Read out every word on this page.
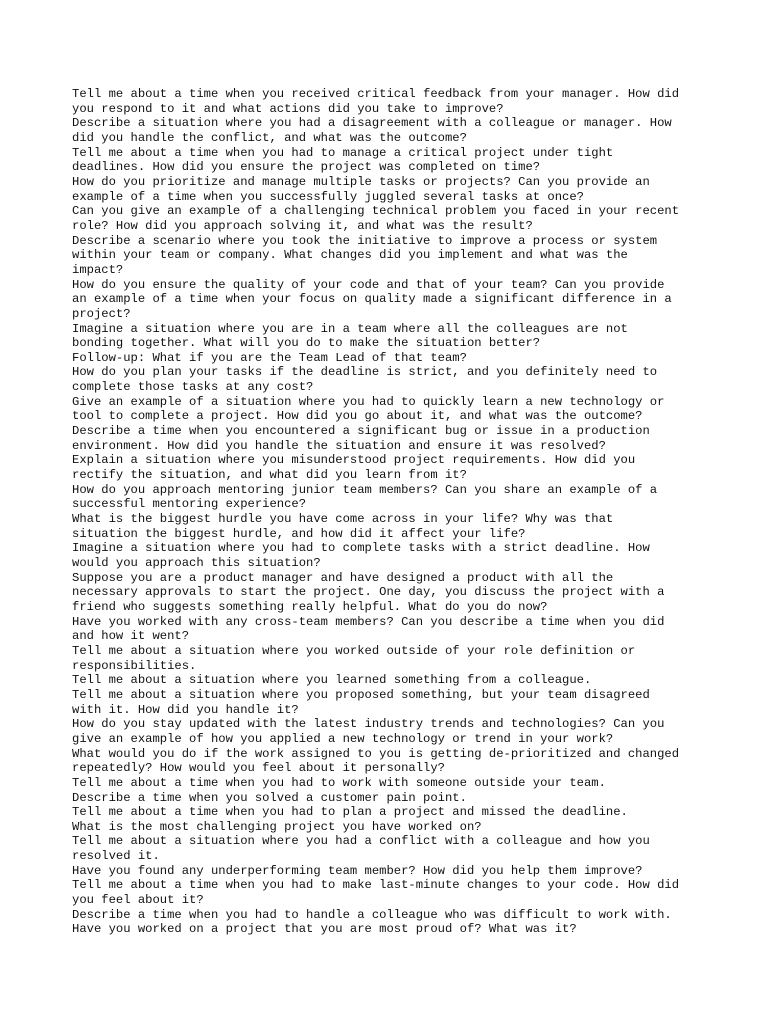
Tell me about a time when you received critical feedback from your manager. How did
you respond to it and what actions did you take to improve?

Describe a situation where you had a disagreement with a colleague or manager. How
did you handle the conflict, and what was the outcome?

Tell me about a time when you had to manage a critical project under tight
deadlines. How did you ensure the project was completed on time?

How do you prioritize and manage multiple tasks or projects? Can you provide an
example of a time when you successfully juggled several tasks at once?

Can you give an example of a challenging technical problem you faced in your recent
role? How did you approach solving it, and what was the result?

Describe a scenario where you took the initiative to improve a process or system
within your team or company. What changes did you implement and what was the
impact?

How do you ensure the quality of your code and that of your team? Can you provide
an example of a time when your focus on quality made a significant difference in a
project?

Imagine a situation where you are in a team where all the colleagues are not
bonding together. What will you do to make the situation better?

Follow-up: What if you are the Team Lead of that team?

How do you plan your tasks if the deadline is strict, and you definitely need to
complete those tasks at any cost?

Give an example of a situation where you had to quickly learn a new technology or
tool to complete a project. How did you go about it, and what was the outcome?

Describe a time when you encountered a significant bug or issue in a production
environment. How did you handle the situation and ensure it was resolved?

Explain a situation where you misunderstood project requirements. How did you
rectify the situation, and what did you learn from it?

How do you approach mentoring junior team members? Can you share an example of a
successful mentoring experience?

What is the biggest hurdle you have come across in your life? Why was that
situation the biggest hurdle, and how did it affect your life?

Imagine a situation where you had to complete tasks with a strict deadline. How
would you approach this situation?

Suppose you are a product manager and have designed a product with all the
necessary approvals to start the project. One day, you discuss the project with a
friend who suggests something really helpful. What do you do now?

Have you worked with any cross-team members? Can you describe a time when you did
and how it went?

Tell me about a situation where you worked outside of your role definition or
responsibilities.

Tell me about a situation where you learned something from a colleague.

Tell me about a situation where you proposed something, but your team disagreed
with it. How did you handle it?

How do you stay updated with the latest industry trends and technologies? Can you
give an example of how you applied a new technology or trend in your work?

What would you do if the work assigned to you is getting de-prioritized and changed
repeatedly? How would you feel about it personally?

Tell me about a time when you had to work with someone outside your team.

Describe a time when you solved a customer pain point.

Tell me about a time when you had to plan a project and missed the deadline.

What is the most challenging project you have worked on?

Tell me about a situation where you had a conflict with a colleague and how you
resolved it.

Have you found any underperforming team member? How did you help them improve?

Tell me about a time when you had to make last-minute changes to your code. How did
you feel about it?

Describe a time when you had to handle a colleague who was difficult to work with.

Have you worked on a project that you are most proud of? What was it?
